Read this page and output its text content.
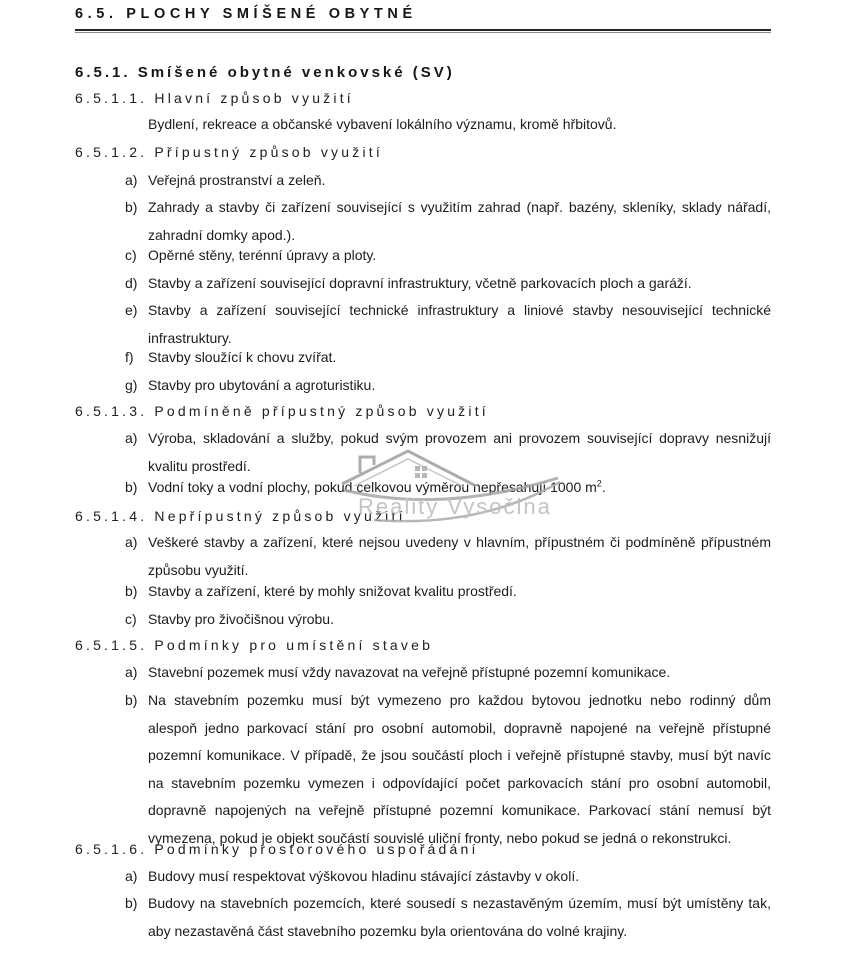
Reality Vysočina
6.5. PLOCHY SMÍŠENÉ OBYTNÉ
6.5.1. Smíšené obytné venkovské (SV)
6.5.1.1. Hlavní způsob využití
Bydlení, rekreace a občanské vybavení lokálního významu, kromě hřbitovů.
6.5.1.2. Přípustný způsob využití
a) Veřejná prostranství a zeleň.
b) Zahrady a stavby či zařízení související s využitím zahrad (např. bazény, skleníky, sklady nářadí, zahradní domky apod.).
c) Opěrné stěny, terénní úpravy a ploty.
d) Stavby a zařízení související dopravní infrastruktury, včetně parkovacích ploch a garáží.
e) Stavby a zařízení související technické infrastruktury a liniové stavby nesouvisející technické infrastruktury.
f)	Stavby sloužící k chovu zvířat.
g) Stavby pro ubytování a agroturistiku.
6.5.1.3. Podmíněně přípustný způsob využití
a) Výroba, skladování a služby, pokud svým provozem ani provozem související dopravy nesnižují kvalitu prostředí.
b) Vodní toky a vodní plochy, pokud celkovou výměrou nepřesahují 1000 $m^2$.
6.5.1.4. Nepřípustný způsob využití
a) Veškeré stavby a zařízení, které nejsou uvedeny v hlavním, přípustném či podmíněně přípustném způsobu využití.
b) Stavby a zařízení, které by mohly snižovat kvalitu prostředí.
c) Stavby pro živočišnou výrobu.
6.5.1.5. Podmínky pro umístění staveb
a) Stavební pozemek musí vždy navazovat na veřejně přístupné pozemní komunikace.
b) Na stavebním pozemku musí být vymezeno pro každou bytovou jednotku nebo rodinný dům alespoň jedno parkovací stání pro osobní automobil, dopravně napojené na veřejně přístupné pozemní komunikace. V případě, že jsou součástí ploch i veřejně přístupné stavby, musí být navíc na stavebním pozemku vymezen i odpovídající počet parkovacích stání pro osobní automobil, dopravně napojených na veřejně přístupné pozemní komunikace. Parkovací stání nemusí být vymezena, pokud je objekt součástí souvislé uliční fronty, nebo pokud se jedná o rekonstrukci.
6.5.1.6. Podmínky prostorového uspořádání
a) Budovy musí respektovat výškovou hladinu stávající zástavby v okolí.
b) Budovy na stavebních pozemcích, které sousedí s nezastavěným územím, musí být umístěny tak, aby nezastavěná část stavebního pozemku byla orientována do volné krajiny.
